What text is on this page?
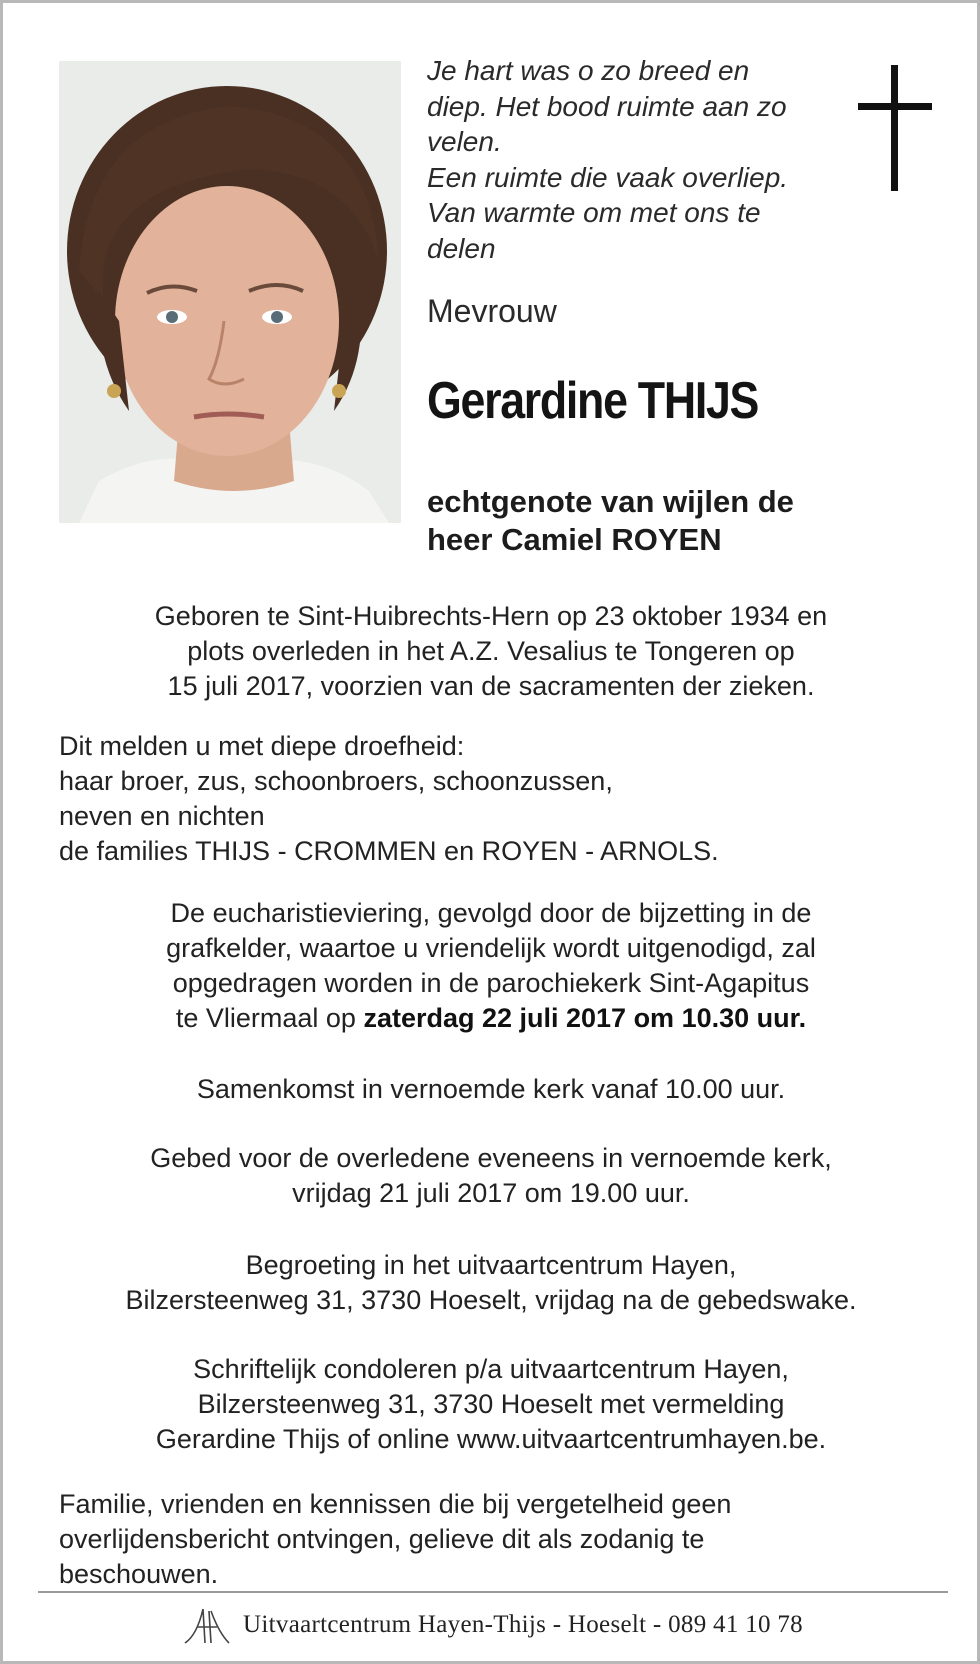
Je hart was o zo breed en
diep. Het bood ruimte aan zo
velen.
Een ruimte die vaak overliep.
Van warmte om met ons te
delen
Mevrouw
Gerardine THIJS
echtgenote van wijlen de
heer Camiel ROYEN
Geboren te Sint-Huibrechts-Hern op 23 oktober 1934 en
plots overleden in het A.Z. Vesalius te Tongeren op
15 juli 2017, voorzien van de sacramenten der zieken.
Dit melden u met diepe droefheid:
haar broer, zus, schoonbroers, schoonzussen,
neven en nichten
de families THIJS - CROMMEN en ROYEN - ARNOLS.
De eucharistieviering, gevolgd door de bijzetting in de
grafkelder, waartoe u vriendelijk wordt uitgenodigd, zal
opgedragen worden in de parochiekerk Sint-Agapitus
te Vliermaal op zaterdag 22 juli 2017 om 10.30 uur.
Samenkomst in vernoemde kerk vanaf 10.00 uur.
Gebed voor de overledene eveneens in vernoemde kerk,
vrijdag 21 juli 2017 om 19.00 uur.
Begroeting in het uitvaartcentrum Hayen,
Bilzersteenweg 31, 3730 Hoeselt, vrijdag na de gebedswake.
Schriftelijk condoleren p/a uitvaartcentrum Hayen,
Bilzersteenweg 31, 3730 Hoeselt met vermelding
Gerardine Thijs of online www.uitvaartcentrumhayen.be.
Familie, vrienden en kennissen die bij vergetelheid geen
overlijdensbericht ontvingen, gelieve dit als zodanig te
beschouwen.
Uitvaartcentrum Hayen-Thijs - Hoeselt - 089 41 10 78
